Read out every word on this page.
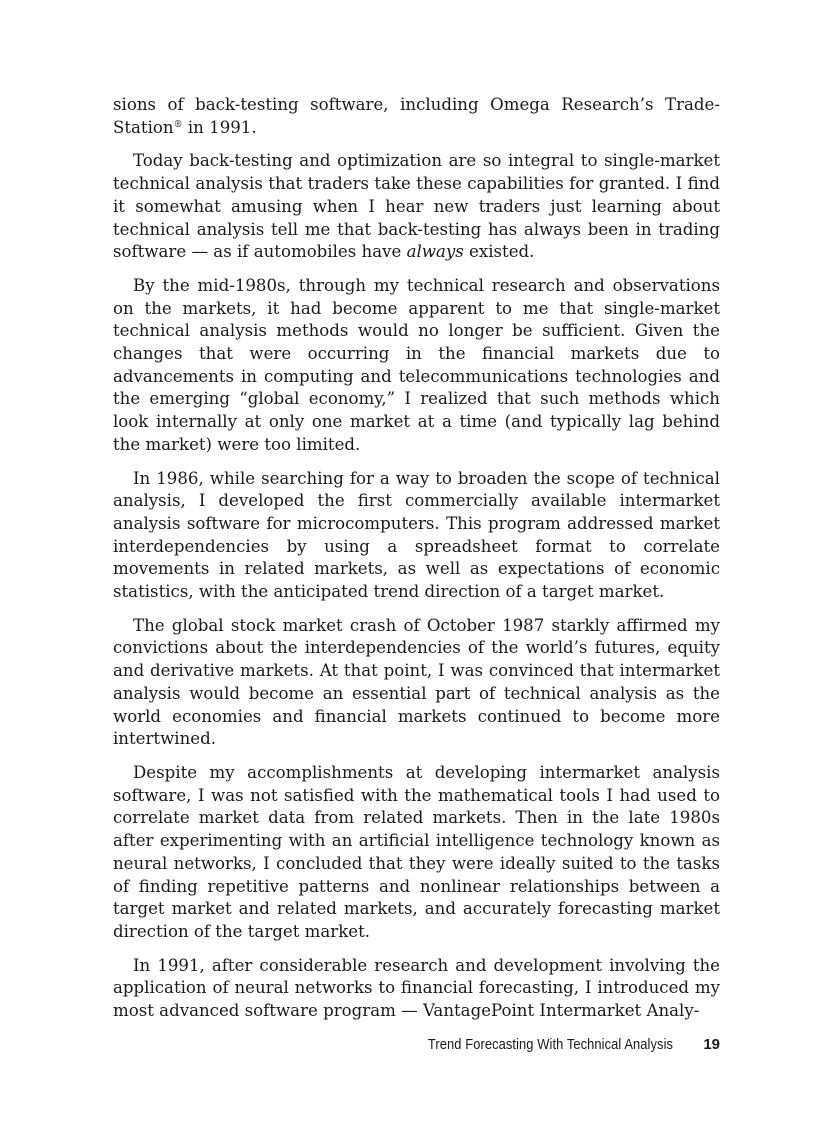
sions of back-testing software, including Omega Research’s Trade-Station® in 1991.

Today back-testing and optimization are so integral to single-market technical analysis that traders take these capabilities for granted. I find it somewhat amusing when I hear new traders just learning about technical analysis tell me that back-testing has always been in trading software — as if automobiles have always existed.

By the mid-1980s, through my technical research and observations on the markets, it had become apparent to me that single-market technical analysis methods would no longer be sufficient. Given the changes that were occurring in the financial markets due to advancements in computing and telecommunications technologies and the emerging “global economy,” I realized that such methods which look internally at only one market at a time (and typically lag behind the market) were too limited.

In 1986, while searching for a way to broaden the scope of technical analysis, I developed the first commercially available intermarket analysis software for microcomputers. This program addressed market interdependencies by using a spreadsheet format to correlate movements in related markets, as well as expectations of economic statistics, with the anticipated trend direction of a target market.

The global stock market crash of October 1987 starkly affirmed my convictions about the interdependencies of the world’s futures, equity and derivative markets. At that point, I was convinced that intermarket analysis would become an essential part of technical analysis as the world economies and financial markets continued to become more intertwined.

Despite my accomplishments at developing intermarket analysis software, I was not satisfied with the mathematical tools I had used to correlate market data from related markets. Then in the late 1980s after experimenting with an artificial intelligence technology known as neural networks, I concluded that they were ideally suited to the tasks of finding repetitive patterns and nonlinear relationships between a target market and related markets, and accurately forecasting market direction of the target market.

In 1991, after considerable research and development involving the application of neural networks to financial forecasting, I introduced my most advanced software program — VantagePoint Intermarket Analy-

Trend Forecasting With Technical Analysis 19
